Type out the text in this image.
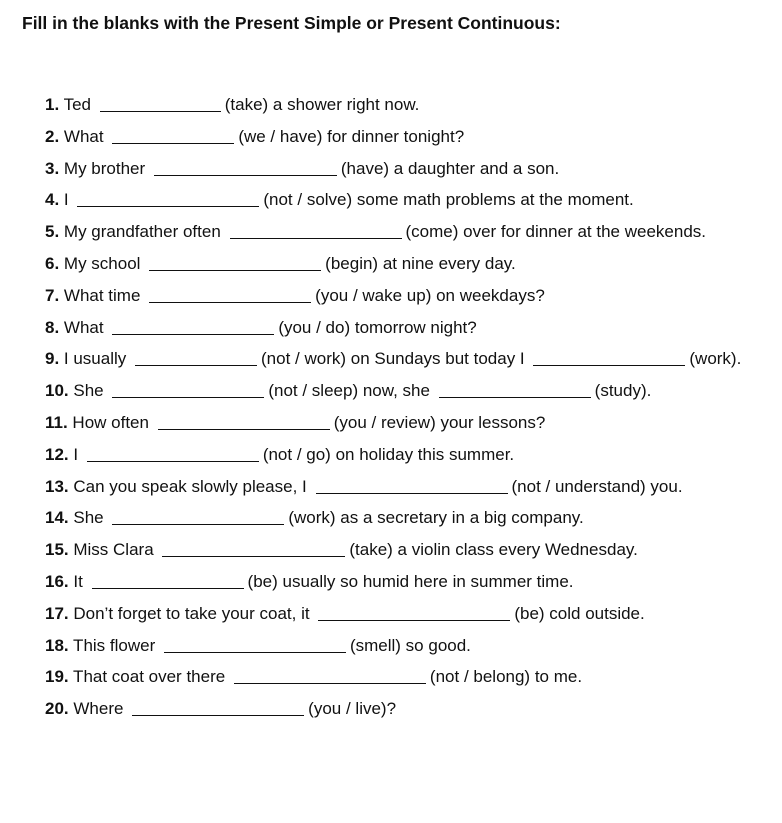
Fill in the blanks with the Present Simple or Present Continuous:
1. Ted	(take) a shower right now.
2. What	(we / have) for dinner tonight?
3. My brother	(have) a daughter and a son.
4. I	(not / solve) some math problems at the moment.
5. My grandfather often	(come) over for dinner at the weekends.
6. My school	(begin) at nine every day.
7. What time	(you / wake up) on weekdays?
8. What	(you / do) tomorrow night?
9. I usually	(not / work) on Sundays but today I	(work).
10. She	(not / sleep) now, she	(study).
11. How often	(you / review) your lessons?
12. I	(not / go) on holiday this summer.
13. Can you speak slowly please, I	(not / understand) you.
14. She	(work) as a secretary in a big company.
15. Miss Clara	(take) a violin class every Wednesday.
16. It	(be) usually so humid here in summer time.
17. Don’t forget to take your coat, it	(be) cold outside.
18. This flower	(smell) so good.
19. That coat over there	(not / belong) to me.
20. Where	(you / live)?
